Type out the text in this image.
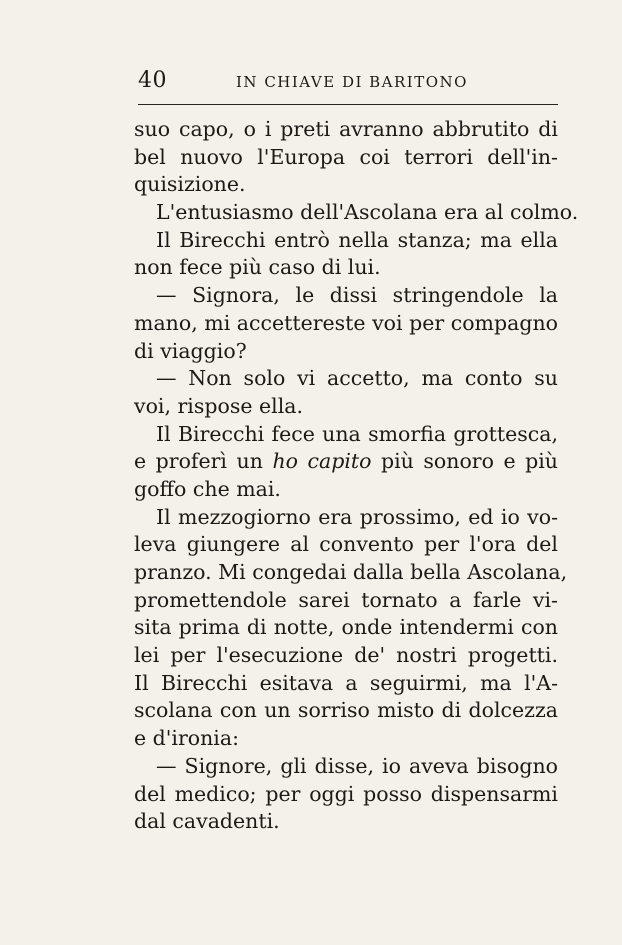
40	IN CHIAVE DI BARITONO
suo capo, o i preti avranno abbrutito di
bel nuovo l'Europa coi terrori dell'in-
quisizione.
L'entusiasmo dell'Ascolana era al colmo.
Il Birecchi entrò nella stanza; ma ella
non fece più caso di lui.
— Signora, le dissi stringendole la
mano, mi accettereste voi per compagno
di viaggio?
— Non solo vi accetto, ma conto su
voi, rispose ella.
Il Birecchi fece una smorfia grottesca,
e proferì un ho capito più sonoro e più
goffo che mai.
Il mezzogiorno era prossimo, ed io vo-
leva giungere al convento per l'ora del
pranzo. Mi congedai dalla bella Ascolana,
promettendole sarei tornato a farle vi-
sita prima di notte, onde intendermi con
lei per l'esecuzione de' nostri progetti.
Il Birecchi esitava a seguirmi, ma l'A-
scolana con un sorriso misto di dolcezza
e d'ironia:
— Signore, gli disse, io aveva bisogno
del medico; per oggi posso dispensarmi
dal cavadenti.
